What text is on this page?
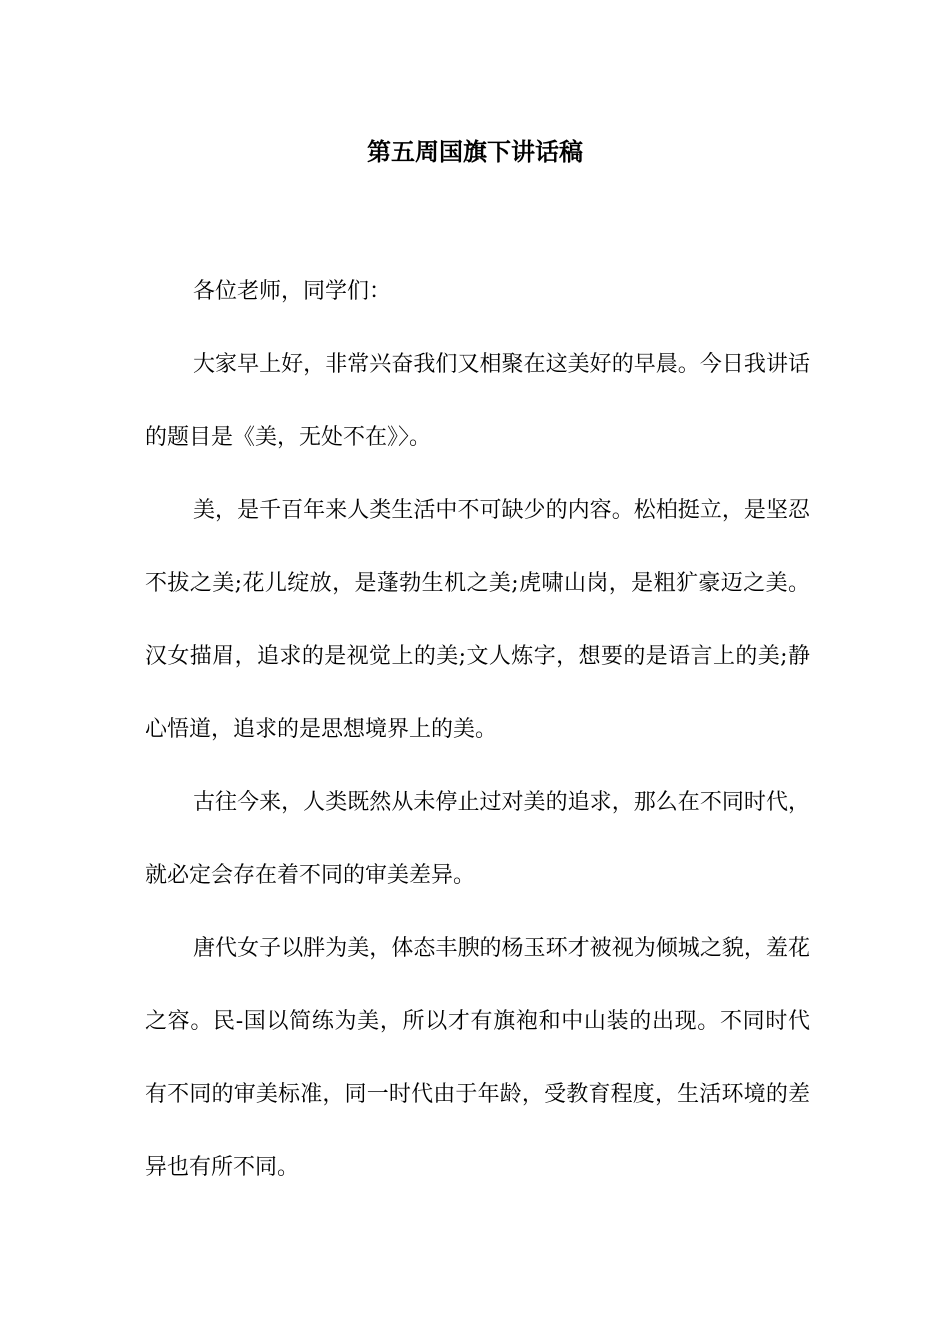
第五周国旗下讲话稿

各位老师，同学们：

大家早上好，非常兴奋我们又相聚在这美好的早晨。今日我讲话的题目是《美，无处不在》〉。

美，是千百年来人类生活中不可缺少的内容。松柏挺立，是坚忍不拔之美;花儿绽放，是蓬勃生机之美;虎啸山岗，是粗犷豪迈之美。汉女描眉，追求的是视觉上的美;文人炼字，想要的是语言上的美;静心悟道，追求的是思想境界上的美。

古往今来，人类既然从未停止过对美的追求，那么在不同时代，就必定会存在着不同的审美差异。

唐代女子以胖为美，体态丰腴的杨玉环才被视为倾城之貌，羞花之容。民-国以简练为美，所以才有旗袍和中山装的出现。不同时代有不同的审美标准，同一时代由于年龄，受教育程度，生活环境的差异也有所不同。
